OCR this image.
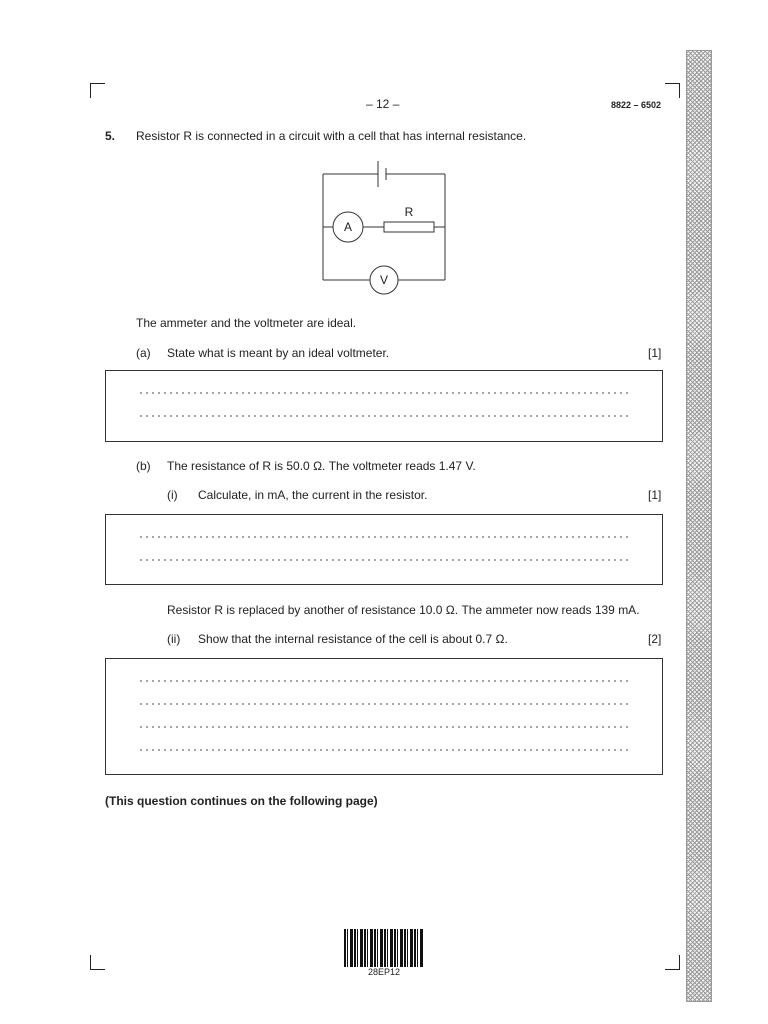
– 12 –	8822 – 6502
5. Resistor R is connected in a circuit with a cell that has internal resistance.
R
A
V
The ammeter and the voltmeter are ideal.
(a) State what is meant by an ideal voltmeter.	[1]
(b) The resistance of R is 50.0 Ω. The voltmeter reads 1.47 V.
(i) Calculate, in mA, the current in the resistor.	[1]
Resistor R is replaced by another of resistance 10.0 Ω. The ammeter now reads 139 mA.
(ii) Show that the internal resistance of the cell is about 0.7 Ω.	[2]
(This question continues on the following page)
28EP12
